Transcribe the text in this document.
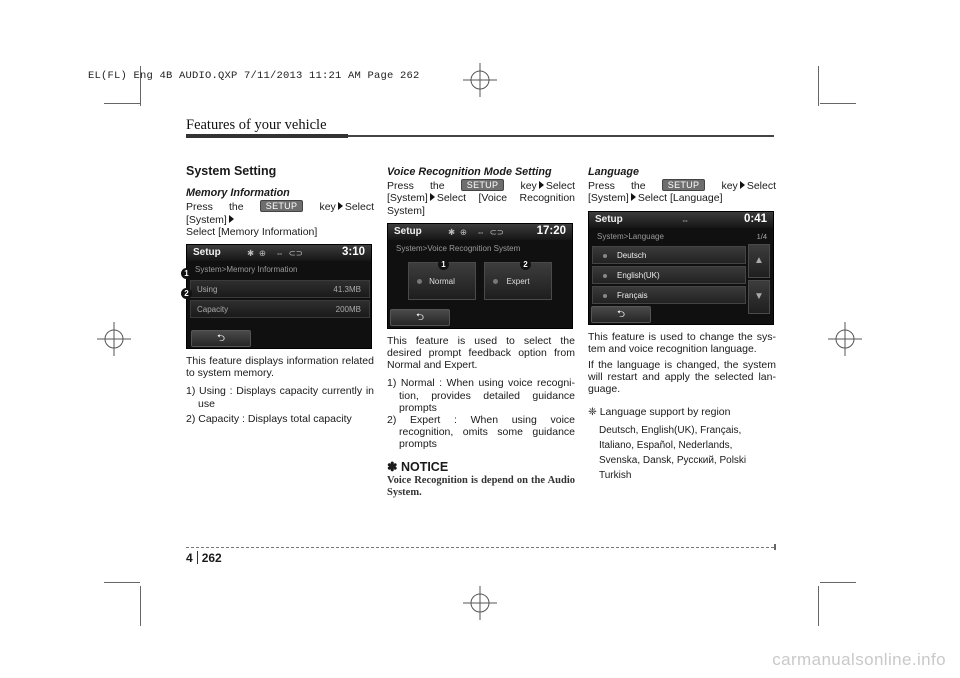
EL(FL) Eng 4B AUDIO.QXP 7/11/2013 11:21 AM Page 262
Features of your vehicle
System Setting
Memory Information
Press the SETUP key Select [System]
Select [Memory Information]
Setup	✱ ⊕ ⇔ ⊂⊃	3:10
System>Memory Information
Using	41.3MB
Capacity	200MB
⮌
This feature displays information related to system memory.
1) Using : Displays capacity currently in use
2) Capacity : Displays total capacity
1
2
Voice Recognition Mode Setting
Press the SETUP key Select [System] Select [Voice Recognition System]
Setup	✱ ⊕ ⇔ ⊂⊃	17:20
System>Voice Recognition System
Normal	Expert
1	2
⮌
This feature is used to select the desired prompt feedback option from Normal and Expert.
1) Normal : When using voice recogni-tion, provides detailed guidance prompts
2) Expert : When using voice recognition, omits some guidance prompts
✽ NOTICE
Voice Recognition is depend on the Audio System.
Language
Press the SETUP key Select [System] Select [Language]
Setup	⇔	0:41
System>Language	1/4
Deutsch
English(UK)
Français
▲
▼
⮌
This feature is used to change the sys-tem and voice recognition language.
If the language is changed, the system will restart and apply the selected lan-guage.
❈ Language support by region
Deutsch, English(UK), Français,
Italiano, Español, Nederlands,
Svenska, Dansk, Русский, Polski
Turkish
4 262
carmanualsonline.info
